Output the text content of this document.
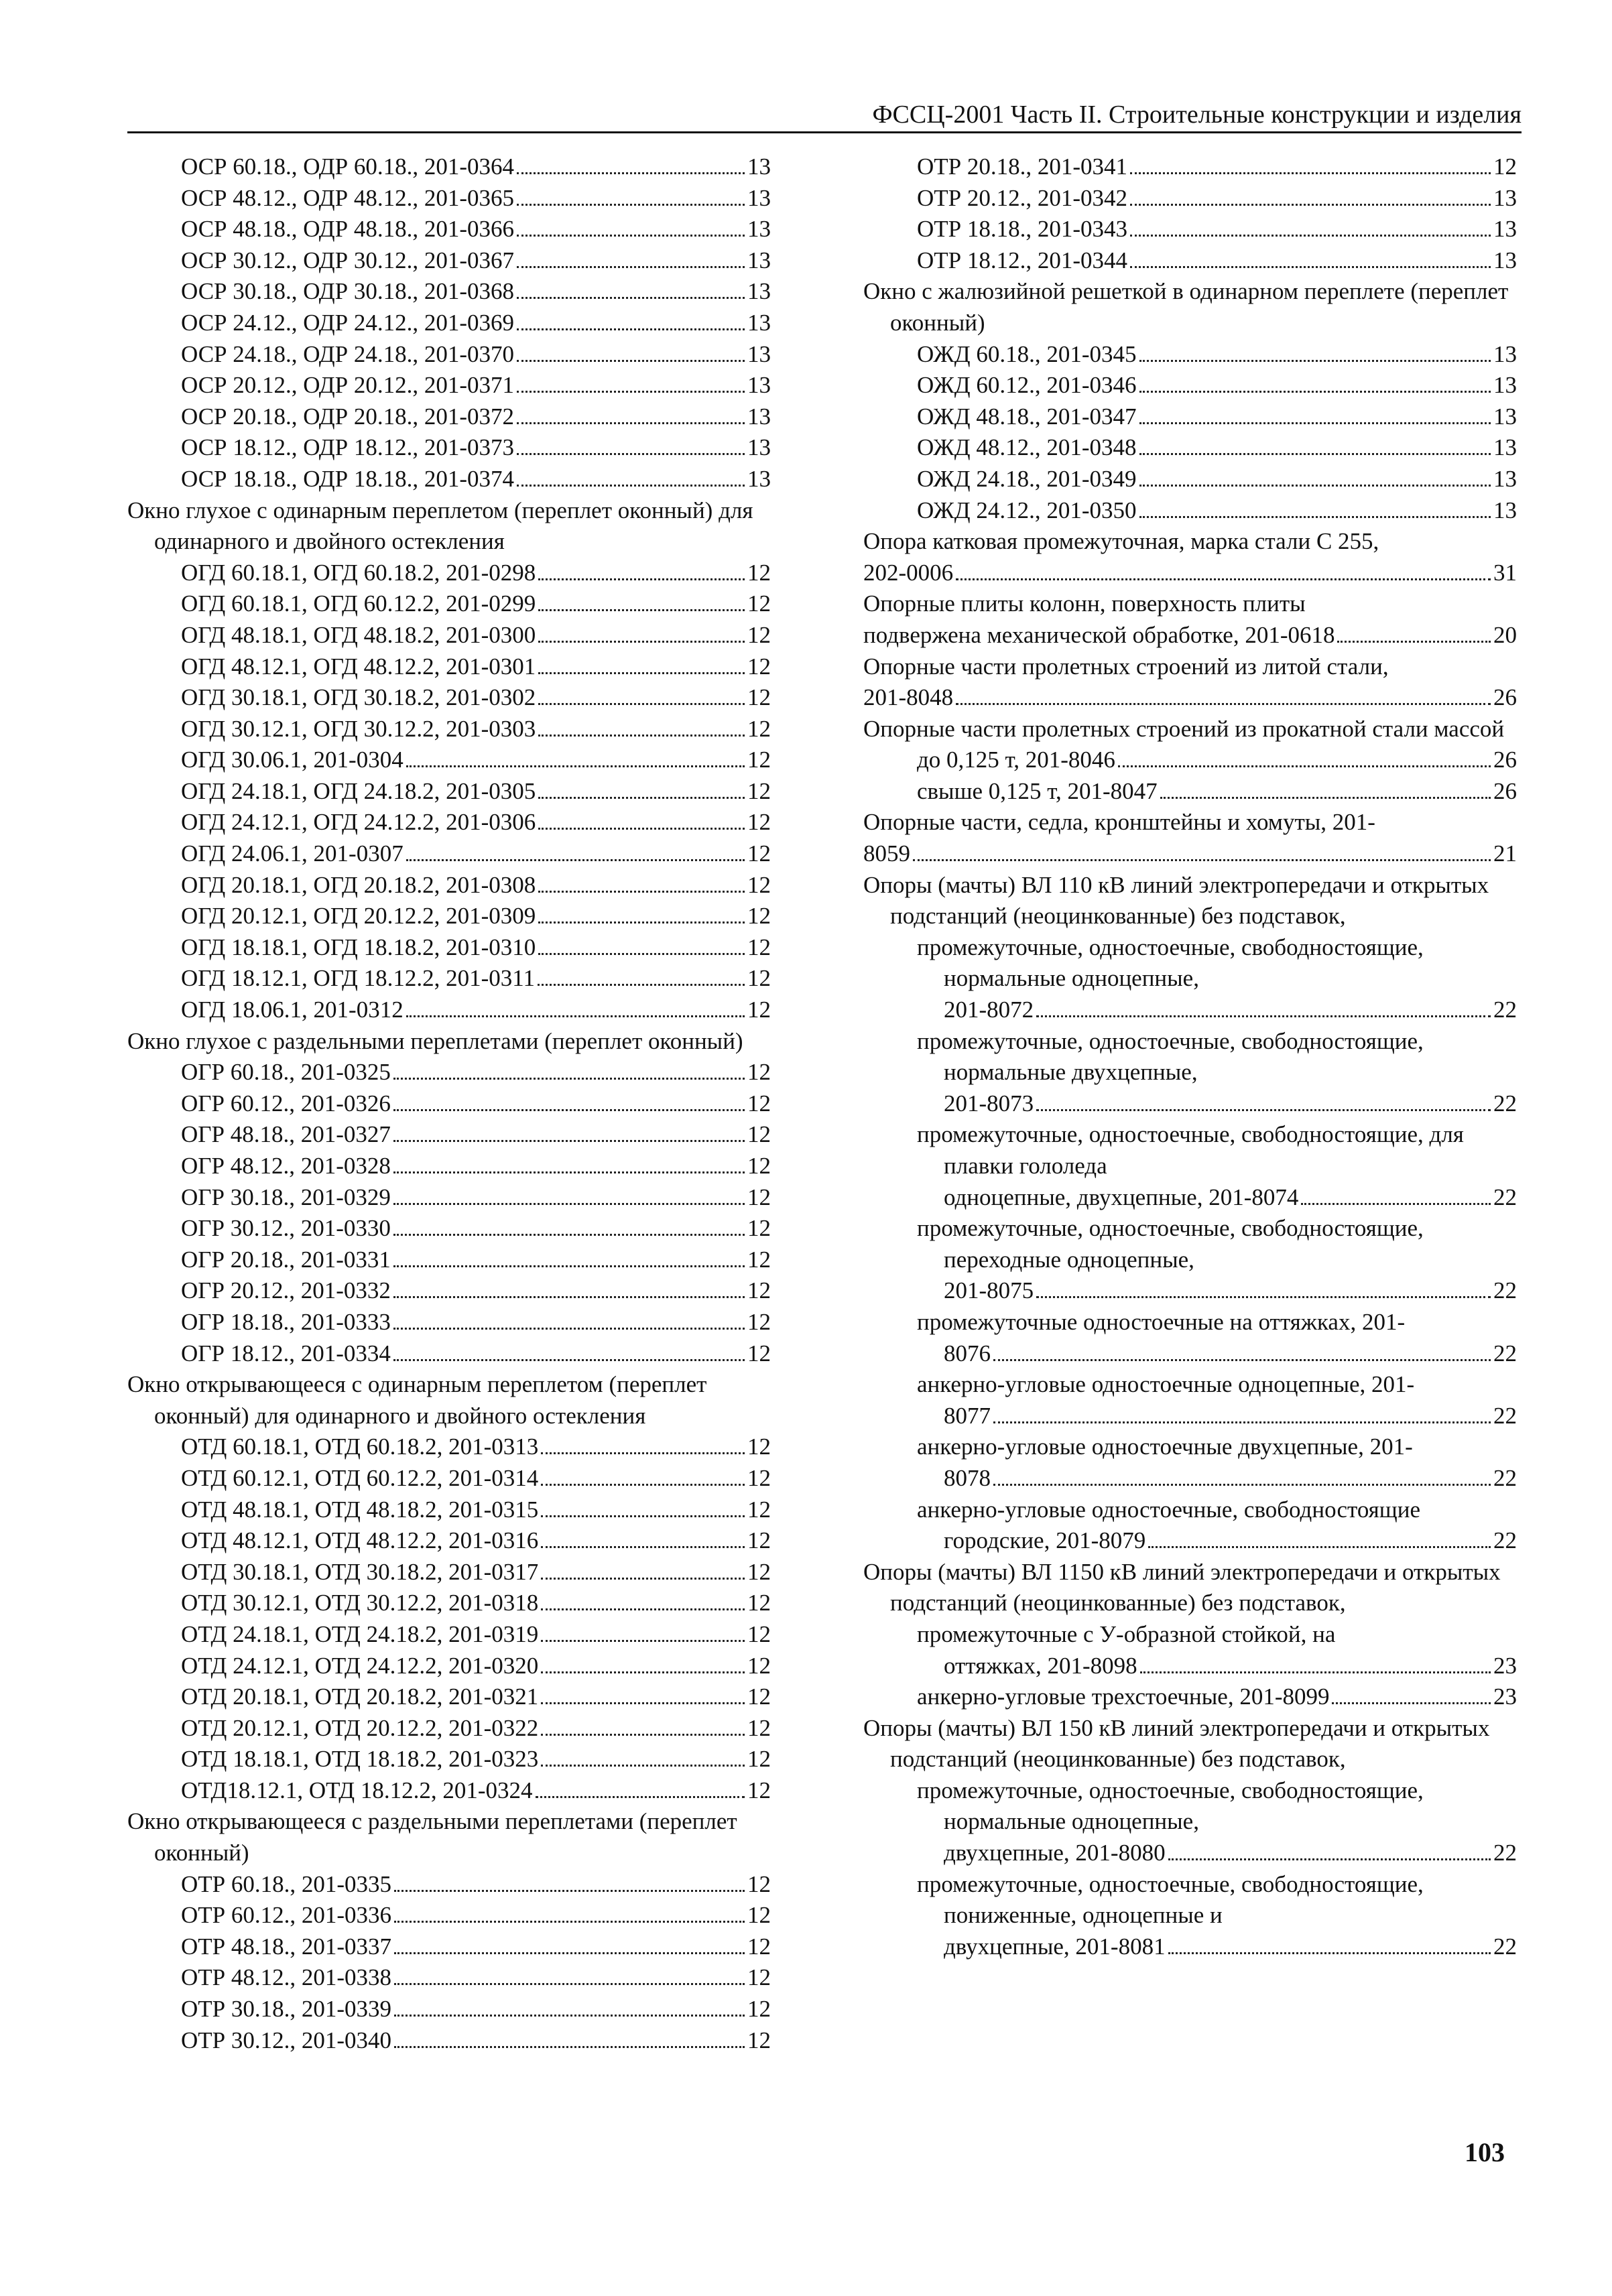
ФССЦ-2001 Часть II. Строительные конструкции и изделия
ОСР 60.18., ОДР 60.18., 201-0364	13
ОСР 48.12., ОДР 48.12., 201-0365	13
ОСР 48.18., ОДР 48.18., 201-0366	13
ОСР 30.12., ОДР 30.12., 201-0367	13
ОСР 30.18., ОДР 30.18., 201-0368	13
ОСР 24.12., ОДР 24.12., 201-0369	13
ОСР 24.18., ОДР 24.18., 201-0370	13
ОСР 20.12., ОДР 20.12., 201-0371	13
ОСР 20.18., ОДР 20.18., 201-0372	13
ОСР 18.12., ОДР 18.12., 201-0373	13
ОСР 18.18., ОДР 18.18., 201-0374	13
Окно глухое с одинарным переплетом (переплет оконный) для одинарного и двойного остекления
ОГД 60.18.1, ОГД 60.18.2, 201-0298	12
ОГД 60.18.1, ОГД 60.12.2, 201-0299	12
ОГД 48.18.1, ОГД 48.18.2, 201-0300	12
ОГД 48.12.1, ОГД 48.12.2, 201-0301	12
ОГД 30.18.1, ОГД 30.18.2, 201-0302	12
ОГД 30.12.1, ОГД 30.12.2, 201-0303	12
ОГД 30.06.1, 201-0304	12
ОГД 24.18.1, ОГД 24.18.2, 201-0305	12
ОГД 24.12.1, ОГД 24.12.2, 201-0306	12
ОГД 24.06.1, 201-0307	12
ОГД 20.18.1, ОГД 20.18.2, 201-0308	12
ОГД 20.12.1, ОГД 20.12.2, 201-0309	12
ОГД 18.18.1, ОГД 18.18.2, 201-0310	12
ОГД 18.12.1, ОГД 18.12.2, 201-0311	12
ОГД 18.06.1, 201-0312	12
Окно глухое с раздельными переплетами (переплет оконный)
ОГР 60.18., 201-0325	12
ОГР 60.12., 201-0326	12
ОГР 48.18., 201-0327	12
ОГР 48.12., 201-0328	12
ОГР 30.18., 201-0329	12
ОГР 30.12., 201-0330	12
ОГР 20.18., 201-0331	12
ОГР 20.12., 201-0332	12
ОГР 18.18., 201-0333	12
ОГР 18.12., 201-0334	12
Окно открывающееся с одинарным переплетом (переплет оконный) для одинарного и двойного остекления
ОТД 60.18.1, ОТД 60.18.2, 201-0313	12
ОТД 60.12.1, ОТД 60.12.2, 201-0314	12
ОТД 48.18.1, ОТД 48.18.2, 201-0315	12
ОТД 48.12.1, ОТД 48.12.2, 201-0316	12
ОТД 30.18.1, ОТД 30.18.2, 201-0317	12
ОТД 30.12.1, ОТД 30.12.2, 201-0318	12
ОТД 24.18.1, ОТД 24.18.2, 201-0319	12
ОТД 24.12.1, ОТД 24.12.2, 201-0320	12
ОТД 20.18.1, ОТД 20.18.2, 201-0321	12
ОТД 20.12.1, ОТД 20.12.2, 201-0322	12
ОТД 18.18.1, ОТД 18.18.2, 201-0323	12
ОТД18.12.1, ОТД 18.12.2, 201-0324	12
Окно открывающееся с раздельными переплетами (переплет оконный)
ОТР 60.18., 201-0335	12
ОТР 60.12., 201-0336	12
ОТР 48.18., 201-0337	12
ОТР 48.12., 201-0338	12
ОТР 30.18., 201-0339	12
ОТР 30.12., 201-0340	12
ОТР 20.18., 201-0341	12
ОТР 20.12., 201-0342	13
ОТР 18.18., 201-0343	13
ОТР 18.12., 201-0344	13
Окно с жалюзийной решеткой в одинарном переплете (переплет оконный)
ОЖД 60.18., 201-0345	13
ОЖД 60.12., 201-0346	13
ОЖД 48.18., 201-0347	13
ОЖД 48.12., 201-0348	13
ОЖД 24.18., 201-0349	13
ОЖД 24.12., 201-0350	13
Опора катковая промежуточная, марка стали С 255,
202-0006	31
Опорные плиты колонн, поверхность плиты
подвержена механической обработке, 201-0618	20
Опорные части пролетных строений из литой стали,
201-8048	26
Опорные части пролетных строений из прокатной стали массой
до 0,125 т, 201-8046	26
свыше 0,125 т, 201-8047	26
Опорные части, седла, кронштейны и хомуты, 201-
8059	21
Опоры (мачты) ВЛ 110 кВ линий электропередачи и открытых подстанций (неоцинкованные) без подставок,
промежуточные, одностоечные, свободностоящие, нормальные одноцепные,
201-8072	22
промежуточные, одностоечные, свободностоящие, нормальные двухцепные,
201-8073	22
промежуточные, одностоечные, свободностоящие, для плавки гололеда
одноцепные, двухцепные, 201-8074	22
промежуточные, одностоечные, свободностоящие, переходные одноцепные,
201-8075	22
промежуточные одностоечные на оттяжках, 201-
8076	22
анкерно-угловые одностоечные одноцепные, 201-
8077	22
анкерно-угловые одностоечные двухцепные, 201-
8078	22
анкерно-угловые одностоечные, свободностоящие
городские, 201-8079	22
Опоры (мачты) ВЛ 1150 кВ линий электропередачи и открытых подстанций (неоцинкованные) без подставок,
промежуточные с У-образной стойкой, на
оттяжках, 201-8098	23
анкерно-угловые трехстоечные, 201-8099	23
Опоры (мачты) ВЛ 150 кВ линий электропередачи и открытых подстанций (неоцинкованные) без подставок,
промежуточные, одностоечные, свободностоящие, нормальные одноцепные,
двухцепные, 201-8080	22
промежуточные, одностоечные, свободностоящие, пониженные, одноцепные и
двухцепные, 201-8081	22
103
